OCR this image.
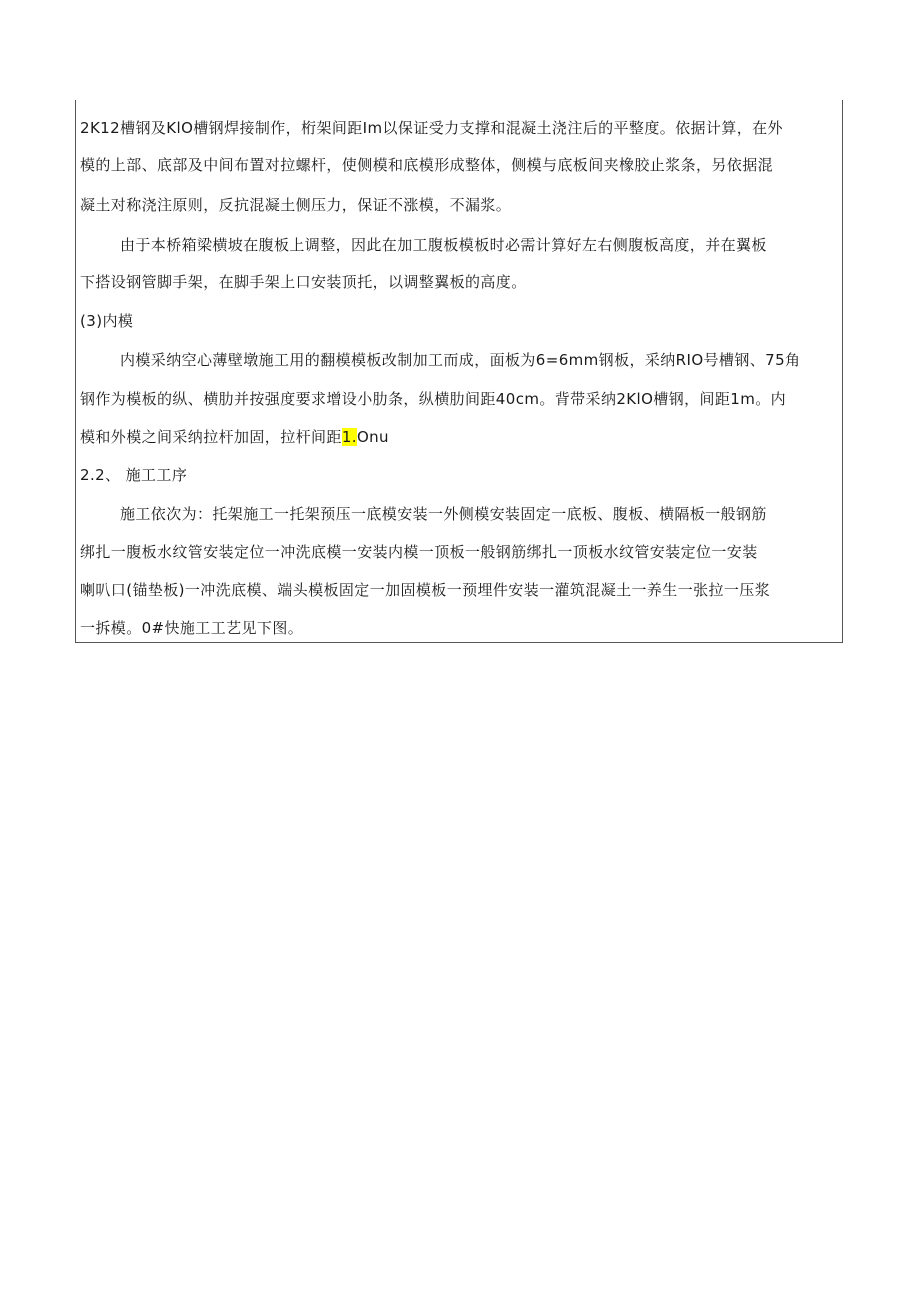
2K12槽钢及KlO槽钢焊接制作，桁架间距Im以保证受力支撑和混凝土浇注后的平整度。依据计算，在外
模的上部、底部及中间布置对拉螺杆，使侧模和底模形成整体，侧模与底板间夹橡胶止浆条，另依据混
凝土对称浇注原则，反抗混凝土侧压力，保证不涨模，不漏浆。
由于本桥箱梁横坡在腹板上调整，因此在加工腹板模板时必需计算好左右侧腹板高度，并在翼板
下搭设钢管脚手架，在脚手架上口安装顶托，以调整翼板的高度。
(3)内模
内模采纳空心薄壁墩施工用的翻模模板改制加工而成，面板为6=6mm钢板，采纳RIO号槽钢、75角
钢作为模板的纵、横肋并按强度要求增设小肋条，纵横肋间距40cm。背带采纳2KlO槽钢，间距1m。内
模和外模之间采纳拉杆加固，拉杆间距1.Onu
2.2、 施工工序
施工依次为：托架施工一托架预压一底模安装一外侧模安装固定一底板、腹板、横隔板一般钢筋
绑扎一腹板水纹管安装定位一冲洗底模一安装内模一顶板一般钢筋绑扎一顶板水纹管安装定位一安装
喇叭口(锚垫板)一冲洗底模、端头模板固定一加固模板一预埋件安装一灌筑混凝土一养生一张拉一压浆
一拆模。0#快施工工艺见下图。
